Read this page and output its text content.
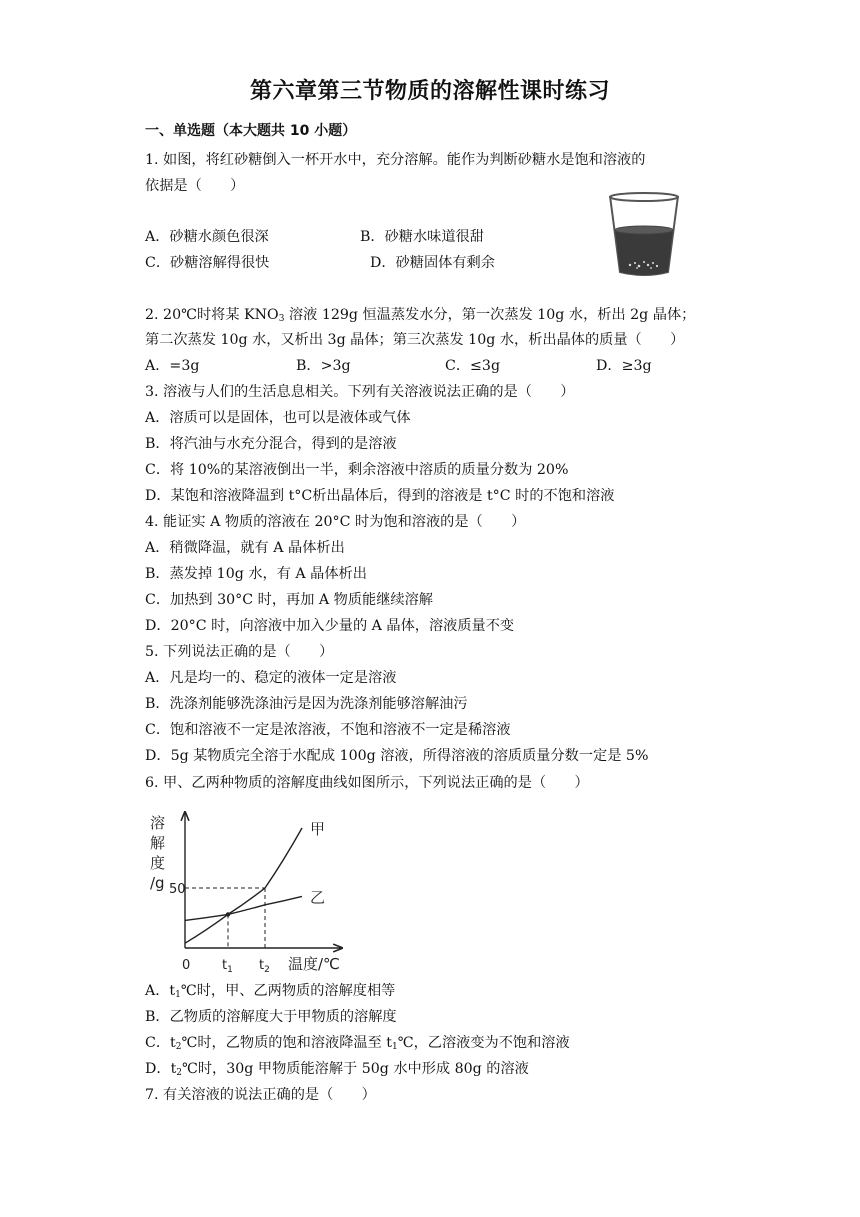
第六章第三节物质的溶解性课时练习
一、单选题（本大题共 10 小题）
1. 如图，将红砂糖倒入一杯开水中，充分溶解。能作为判断砂糖水是饱和溶液的
依据是（　　）
A．砂糖水颜色很深	B．砂糖水味道很甜
C．砂糖溶解得很快	D．砂糖固体有剩余
2. 20℃时将某 $KNO_3$ 溶液 129g 恒温蒸发水分，第一次蒸发 10g 水，析出 2g 晶体；
第二次蒸发 10g 水，又析出 3g 晶体；第三次蒸发 10g 水，析出晶体的质量（　　）
A．=3g	B．>3g	C．≤3g	D．≥3g
3. 溶液与人们的生活息息相关。下列有关溶液说法正确的是（　　）
A．溶质可以是固体，也可以是液体或气体
B．将汽油与水充分混合，得到的是溶液
C．将 10%的某溶液倒出一半，剩余溶液中溶质的质量分数为 20%
D．某饱和溶液降温到 t°C析出晶体后，得到的溶液是 t°C 时的不饱和溶液
4. 能证实 A 物质的溶液在 20°C 时为饱和溶液的是（　　）
A．稍微降温，就有 A 晶体析出
B．蒸发掉 10g 水，有 A 晶体析出
C．加热到 30°C 时，再加 A 物质能继续溶解
D．20°C 时，向溶液中加入少量的 A 晶体，溶液质量不变
5. 下列说法正确的是（　　）
A．凡是均一的、稳定的液体一定是溶液
B．洗涤剂能够洗涤油污是因为洗涤剂能够溶解油污
C．饱和溶液不一定是浓溶液，不饱和溶液不一定是稀溶液
D．5g 某物质完全溶于水配成 100g 溶液，所得溶液的溶质质量分数一定是 5%
6. 甲、乙两种物质的溶解度曲线如图所示，下列说法正确的是（　　）
溶
解
度
/g
甲
乙
50
0 $t_1$ $t_2$ 温度/℃
A．$t_1℃$时，甲、乙两物质的溶解度相等
B．乙物质的溶解度大于甲物质的溶解度
C．$t_2℃$时，乙物质的饱和溶液降温至 $t_1℃$，乙溶液变为不饱和溶液
D．$t_2℃$时，30g 甲物质能溶解于 50g 水中形成 80g 的溶液
7. 有关溶液的说法正确的是（　　）
